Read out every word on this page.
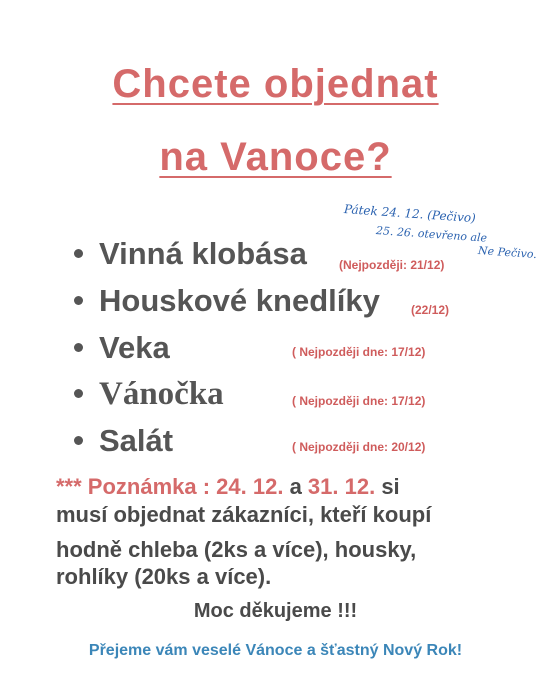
Chcete objednat
na Vanoce?
Pátek 24. 12. (Pečivo)
25. 26. otevřeno ale
Ne Pečivo.
Vinná klobása	(Nejpozději: 21/12)
Houskové knedlíky	(22/12)
Veka	( Nejpozději dne: 17/12)
Vánočka	( Nejpozději dne: 17/12)
Salát	( Nejpozději dne: 20/12)
*** Poznámka : 24. 12. a 31. 12. si
musí objednat zákazníci, kteří koupí
hodně chleba (2ks a více), housky,
rohlíky (20ks a více).
Moc děkujeme !!!
Přejeme vám veselé Vánoce a šťastný Nový Rok!
